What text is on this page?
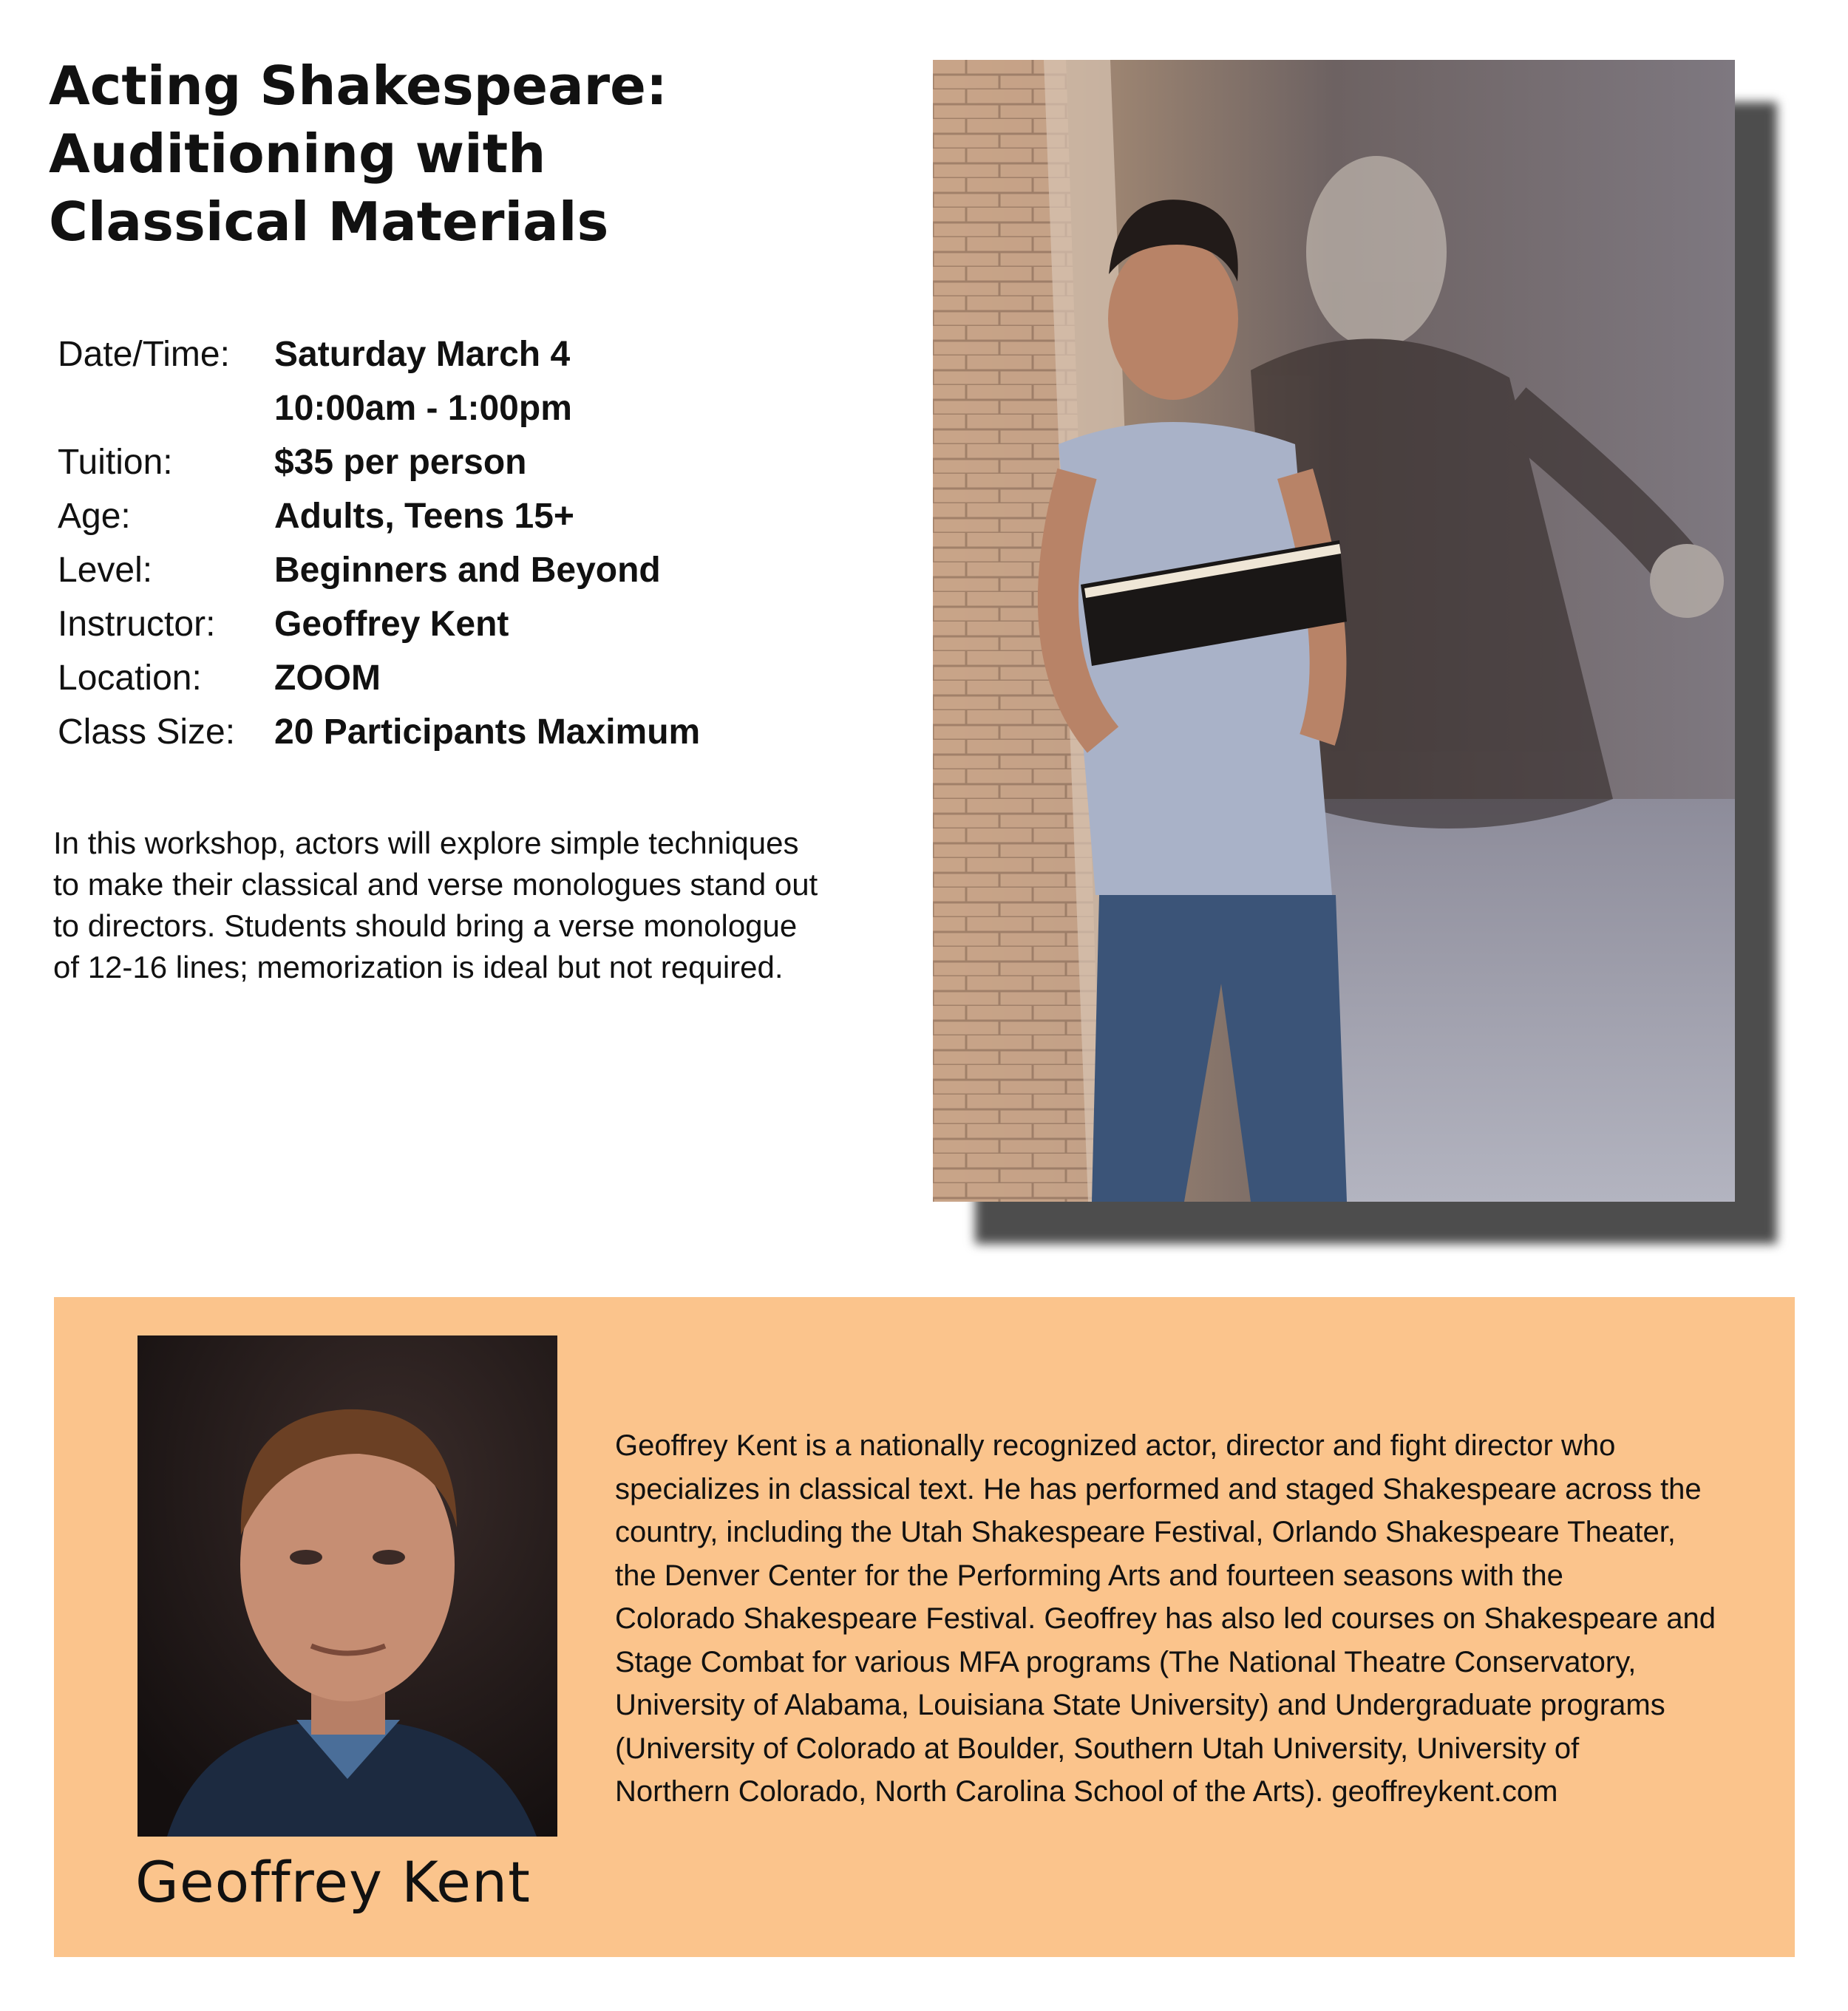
Acting Shakespeare:
Auditioning with
Classical Materials
Date/Time: Saturday March 4
10:00am - 1:00pm
Tuition:	$35 per person
Age:	Adults, Teens 15+
Level:	Beginners and Beyond
Instructor: Geoffrey Kent
Location: ZOOM
Class Size: 20 Participants Maximum

In this workshop, actors will explore simple techniques
to make their classical and verse monologues stand out
to directors. Students should bring a verse monologue
of 12-16 lines; memorization is ideal but not required.

Geoffrey Kent

Geoffrey Kent is a nationally recognized actor, director and fight director who
specializes in classical text. He has performed and staged Shakespeare across the
country, including the Utah Shakespeare Festival, Orlando Shakespeare Theater,
the Denver Center for the Performing Arts and fourteen seasons with the
Colorado Shakespeare Festival. Geoffrey has also led courses on Shakespeare and
Stage Combat for various MFA programs (The National Theatre Conservatory,
University of Alabama, Louisiana State University) and Undergraduate programs
(University of Colorado at Boulder, Southern Utah University, University of
Northern Colorado, North Carolina School of the Arts). geoffreykent.com
